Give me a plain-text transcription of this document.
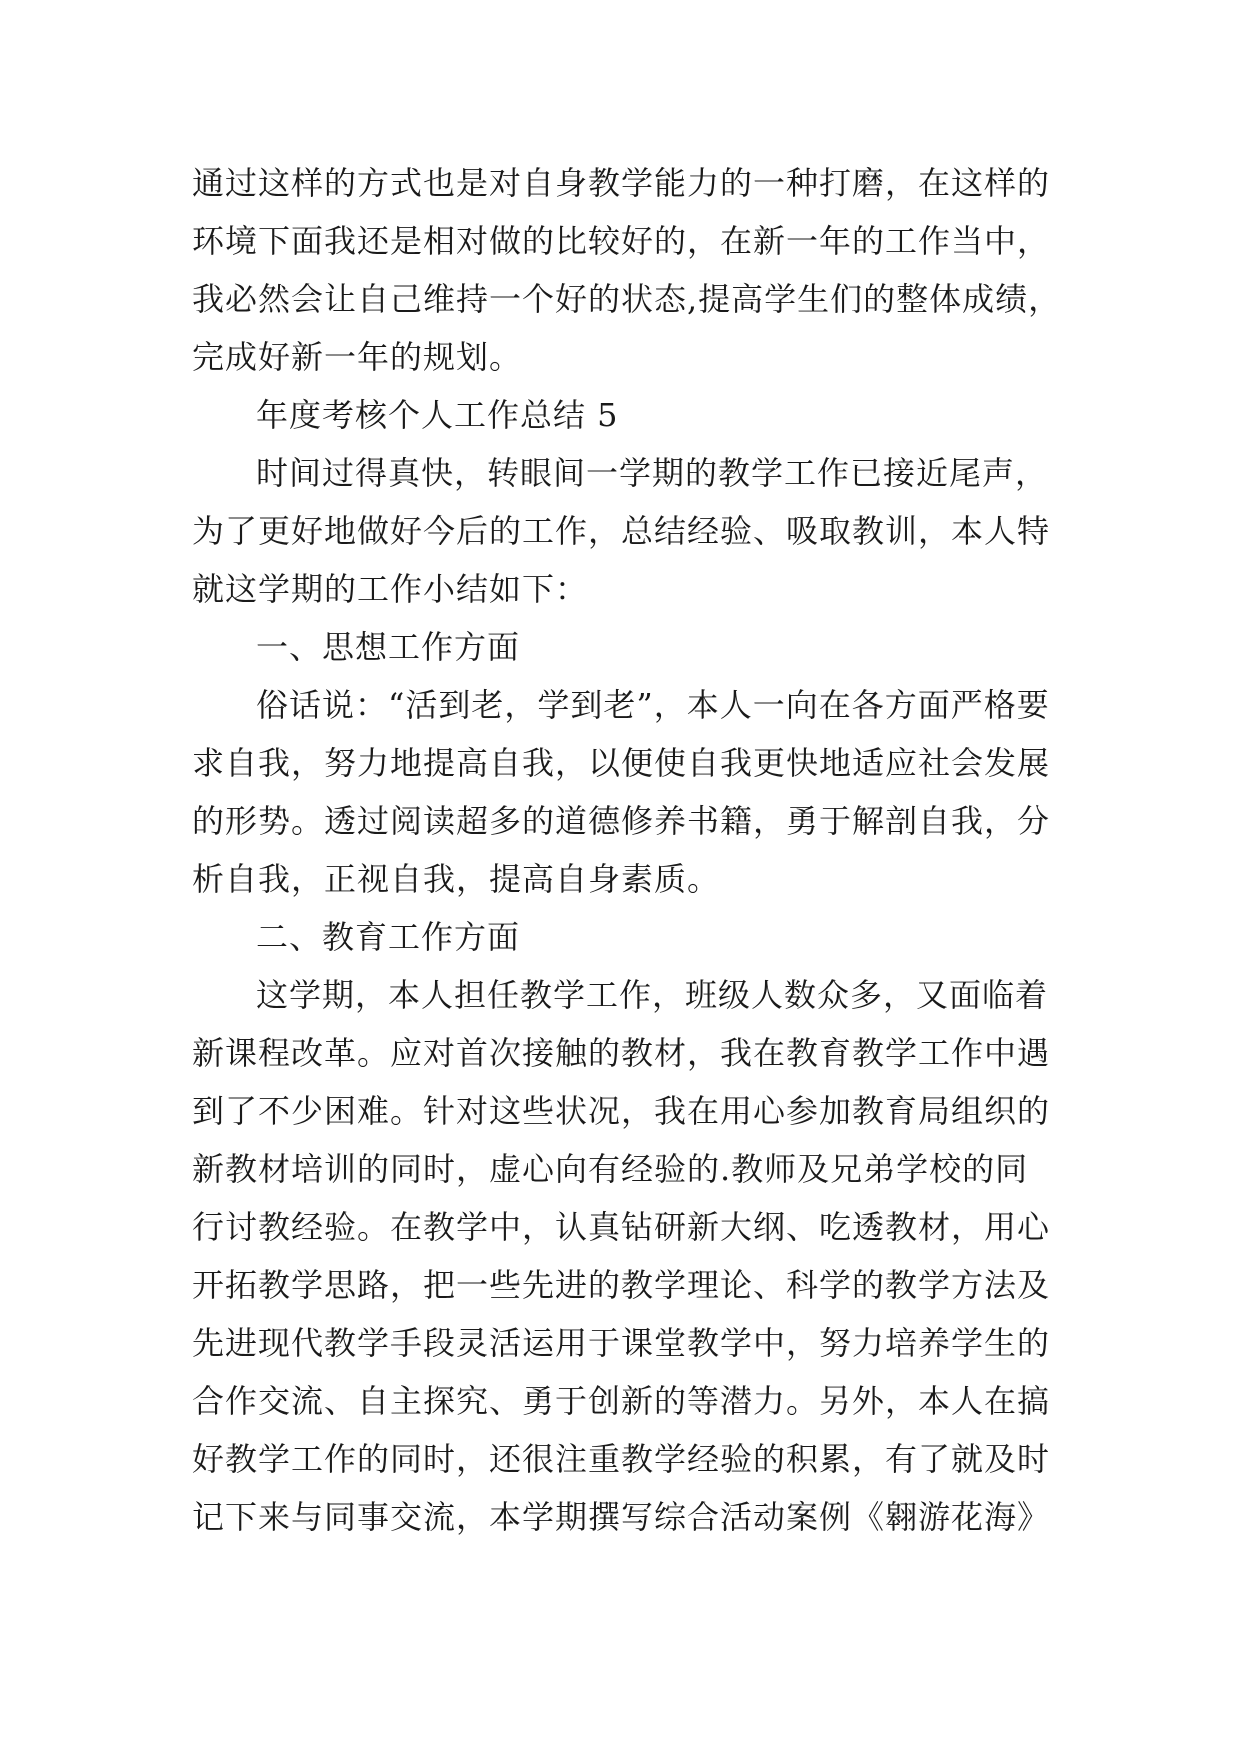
通过这样的方式也是对自身教学能力的一种打磨，在这样的
环境下面我还是相对做的比较好的，在新一年的工作当中，
我必然会让自己维持一个好的状态,提高学生们的整体成绩，
完成好新一年的规划。
年度考核个人工作总结 5
时间过得真快，转眼间一学期的教学工作已接近尾声，
为了更好地做好今后的工作，总结经验、吸取教训，本人特
就这学期的工作小结如下：
一、思想工作方面
俗话说：“活到老，学到老”，本人一向在各方面严格要
求自我，努力地提高自我，以便使自我更快地适应社会发展
的形势。透过阅读超多的道德修养书籍，勇于解剖自我，分
析自我，正视自我，提高自身素质。
二、教育工作方面
这学期，本人担任教学工作，班级人数众多，又面临着
新课程改革。应对首次接触的教材，我在教育教学工作中遇
到了不少困难。针对这些状况，我在用心参加教育局组织的
新教材培训的同时，虚心向有经验的.教师及兄弟学校的同
行讨教经验。在教学中，认真钻研新大纲、吃透教材，用心
开拓教学思路，把一些先进的教学理论、科学的教学方法及
先进现代教学手段灵活运用于课堂教学中，努力培养学生的
合作交流、自主探究、勇于创新的等潜力。另外，本人在搞
好教学工作的同时，还很注重教学经验的积累，有了就及时
记下来与同事交流，本学期撰写综合活动案例《翱游花海》
